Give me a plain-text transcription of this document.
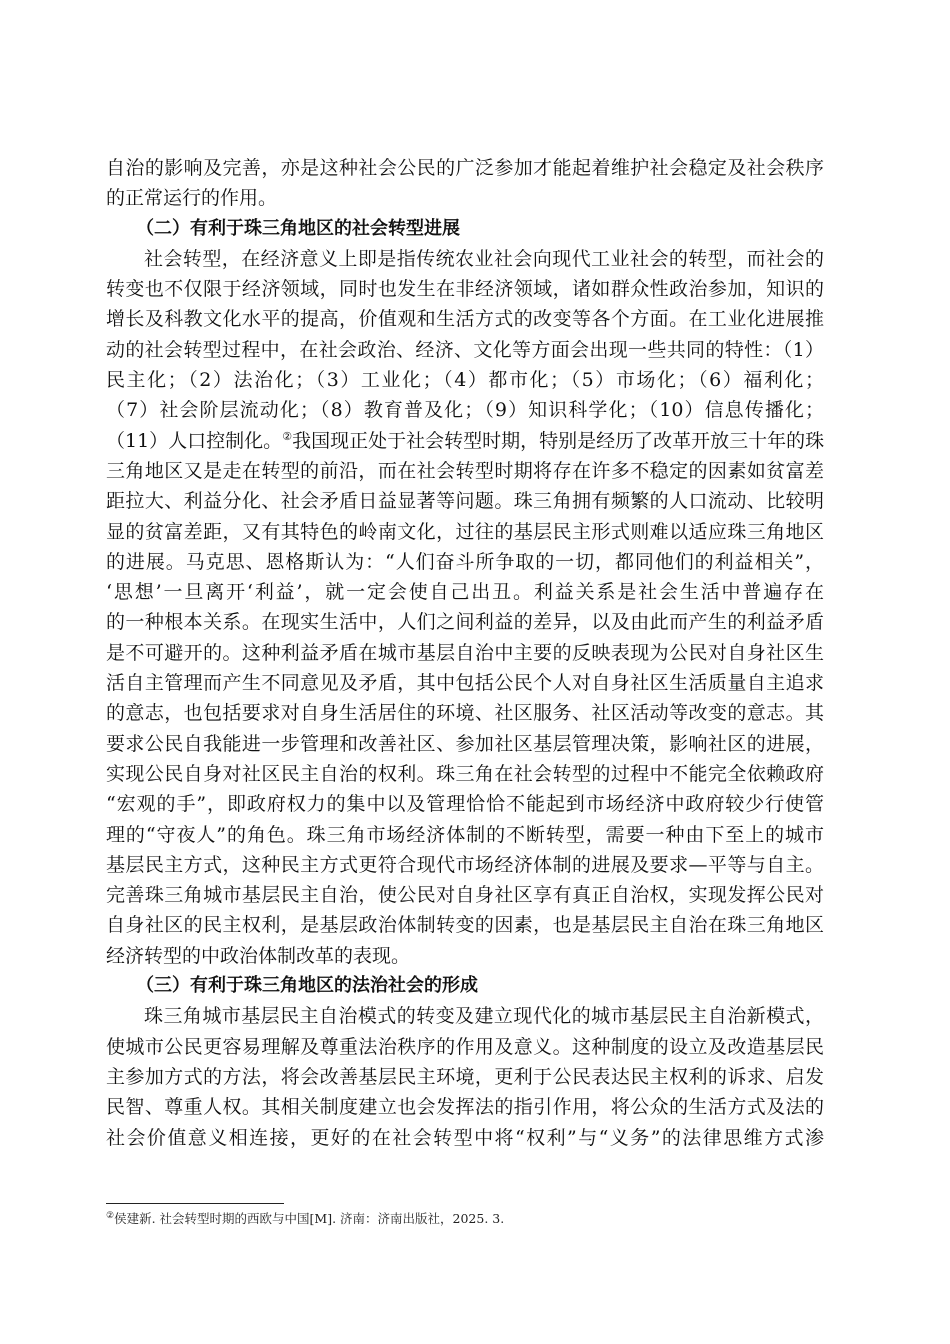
自治的影响及完善，亦是这种社会公民的广泛参加才能起着维护社会稳定及社会秩序
的正常运行的作用。
（二）有利于珠三角地区的社会转型进展
社会转型，在经济意义上即是指传统农业社会向现代工业社会的转型，而社会的
转变也不仅限于经济领域，同时也发生在非经济领域，诸如群众性政治参加，知识的
增长及科教文化水平的提高，价值观和生活方式的改变等各个方面。在工业化进展推
动的社会转型过程中，在社会政治、经济、文化等方面会出现一些共同的特性：（1）
民主化；（2）法治化；（3）工业化；（4）都市化；（5）市场化；（6）福利化；
（7）社会阶层流动化；（8）教育普及化；（9）知识科学化；（10）信息传播化；
（11）人口控制化。②我国现正处于社会转型时期，特别是经历了改革开放三十年的珠
三角地区又是走在转型的前沿，而在社会转型时期将存在许多不稳定的因素如贫富差
距拉大、利益分化、社会矛盾日益显著等问题。珠三角拥有频繁的人口流动、比较明
显的贫富差距，又有其特色的岭南文化，过往的基层民主形式则难以适应珠三角地区
的进展。马克思、恩格斯认为：“人们奋斗所争取的一切，都同他们的利益相关”，
‘思想’一旦离开‘利益’，就一定会使自己出丑。利益关系是社会生活中普遍存在
的一种根本关系。在现实生活中，人们之间利益的差异，以及由此而产生的利益矛盾
是不可避开的。这种利益矛盾在城市基层自治中主要的反映表现为公民对自身社区生
活自主管理而产生不同意见及矛盾，其中包括公民个人对自身社区生活质量自主追求
的意志，也包括要求对自身生活居住的环境、社区服务、社区活动等改变的意志。其
要求公民自我能进一步管理和改善社区、参加社区基层管理决策，影响社区的进展，
实现公民自身对社区民主自治的权利。珠三角在社会转型的过程中不能完全依赖政府
“宏观的手”，即政府权力的集中以及管理恰恰不能起到市场经济中政府较少行使管
理的“守夜人”的角色。珠三角市场经济体制的不断转型，需要一种由下至上的城市
基层民主方式，这种民主方式更符合现代市场经济体制的进展及要求—平等与自主。
完善珠三角城市基层民主自治，使公民对自身社区享有真正自治权，实现发挥公民对
自身社区的民主权利，是基层政治体制转变的因素，也是基层民主自治在珠三角地区
经济转型的中政治体制改革的表现。
（三）有利于珠三角地区的法治社会的形成
珠三角城市基层民主自治模式的转变及建立现代化的城市基层民主自治新模式，
使城市公民更容易理解及尊重法治秩序的作用及意义。这种制度的设立及改造基层民
主参加方式的方法，将会改善基层民主环境，更利于公民表达民主权利的诉求、启发
民智、尊重人权。其相关制度建立也会发挥法的指引作用，将公众的生活方式及法的
社会价值意义相连接，更好的在社会转型中将“权利”与“义务”的法律思维方式渗
②侯建新. 社会转型时期的西欧与中国[M]. 济南：济南出版社，2025. 3.
